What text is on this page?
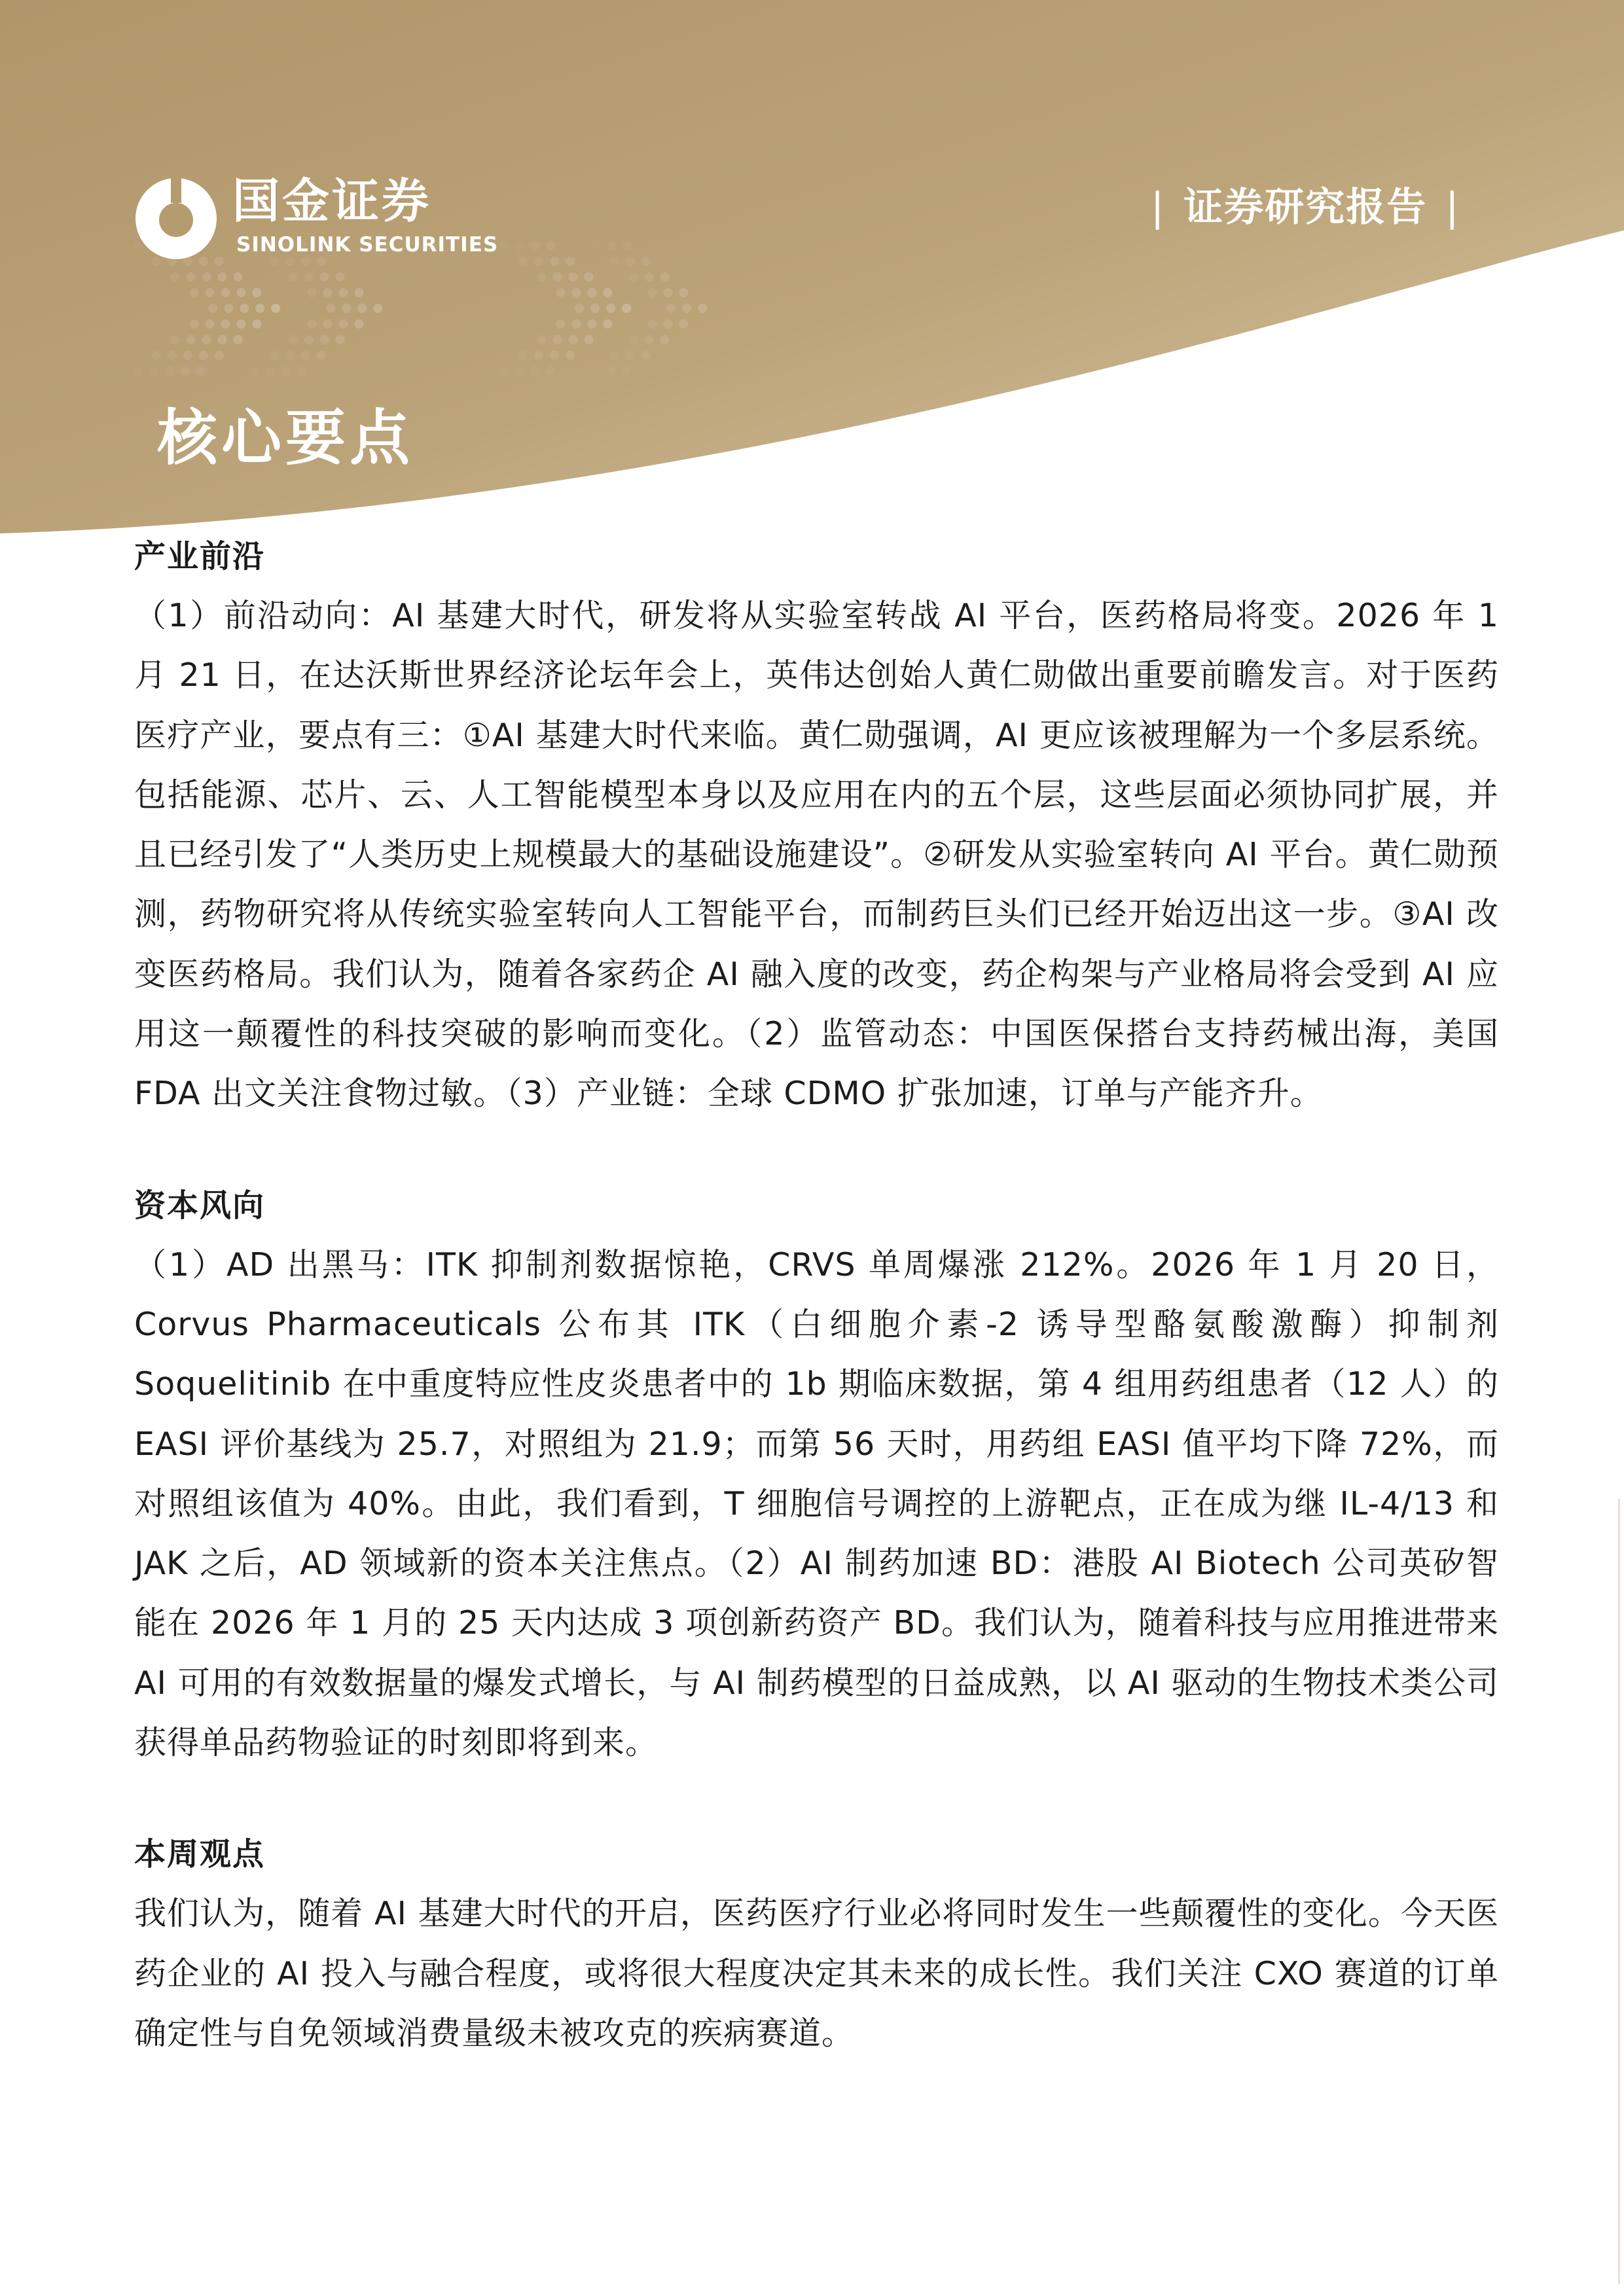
国金证券
SINOLINK SECURITIES
| 证券研究报告 |
核心要点
产业前沿

（1）前沿动向：AI 基建大时代，研发将从实验室转战 AI 平台，医药格局将变。2026 年 1 月 21 日，在达沃斯世界经济论坛年会上，英伟达创始人黄仁勋做出重要前瞻发言。对于医药医疗产业，要点有三：①AI 基建大时代来临。黄仁勋强调，AI 更应该被理解为一个多层系统。包括能源、芯片、云、人工智能模型本身以及应用在内的五个层，这些层面必须协同扩展，并且已经引发了“人类历史上规模最大的基础设施建设”。②研发从实验室转向 AI 平台。黄仁勋预测，药物研究将从传统实验室转向人工智能平台，而制药巨头们已经开始迈出这一步。③AI 改变医药格局。我们认为，随着各家药企 AI 融入度的改变，药企构架与产业格局将会受到 AI 应用这一颠覆性的科技突破的影响而变化。（2）监管动态：中国医保搭台支持药械出海，美国 FDA 出文关注食物过敏。（3）产业链：全球 CDMO 扩张加速，订单与产能齐升。

资本风向

（1）AD 出黑马：ITK 抑制剂数据惊艳，CRVS 单周爆涨 212%。2026 年 1 月 20 日，Corvus Pharmaceuticals 公布其 ITK（白细胞介素-2 诱导型酪氨酸激酶）抑制剂 Soquelitinib 在中重度特应性皮炎患者中的 1b 期临床数据，第 4 组用药组患者（12 人）的 EASI 评价基线为 25.7，对照组为 21.9；而第 56 天时，用药组 EASI 值平均下降 72%，而对照组该值为 40%。由此，我们看到，T 细胞信号调控的上游靶点，正在成为继 IL-4/13 和 JAK 之后，AD 领域新的资本关注焦点。（2）AI 制药加速 BD：港股 AI Biotech 公司英矽智能在 2026 年 1 月的 25 天内达成 3 项创新药资产 BD。我们认为，随着科技与应用推进带来 AI 可用的有效数据量的爆发式增长，与 AI 制药模型的日益成熟，以 AI 驱动的生物技术类公司获得单品药物验证的时刻即将到来。

本周观点

我们认为，随着 AI 基建大时代的开启，医药医疗行业必将同时发生一些颠覆性的变化。今天医药企业的 AI 投入与融合程度，或将很大程度决定其未来的成长性。我们关注 CXO 赛道的订单确定性与自免领域消费量级未被攻克的疾病赛道。
